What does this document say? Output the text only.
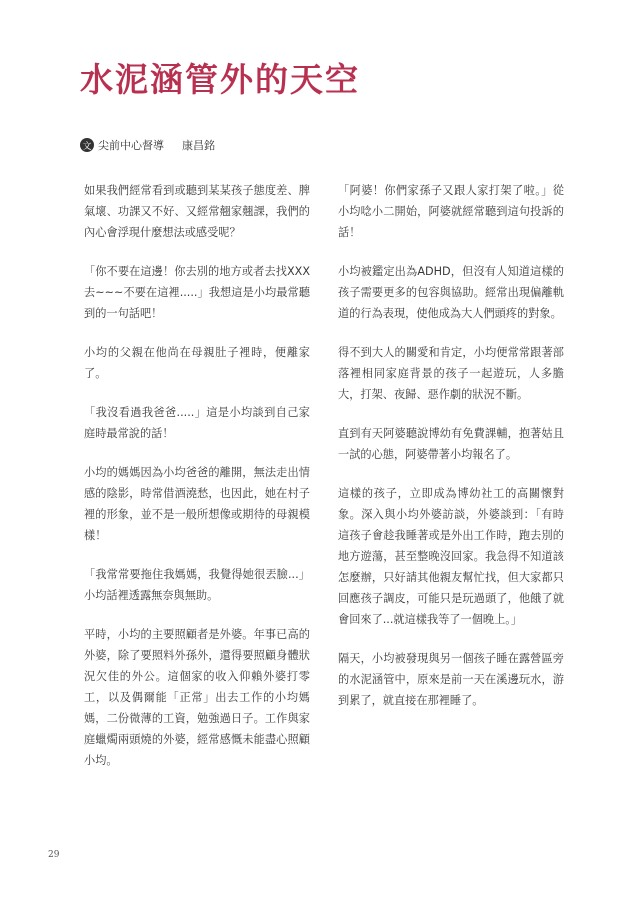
水泥涵管外的天空
文 尖前中心督導 康昌銘

如果我們經常看到或聽到某某孩子態度差、脾氣壞、功課又不好、又經常翹家翹課，我們的內心會浮現什麼想法或感受呢？

「你不要在這邊！你去別的地方或者去找XXX去~~~不要在這裡.....」我想這是小均最常聽到的一句話吧！

小均的父親在他尚在母親肚子裡時，便離家了。

「我沒看過我爸爸.....」這是小均談到自己家庭時最常說的話！

小均的媽媽因為小均爸爸的離開，無法走出情感的陰影，時常借酒澆愁，也因此，她在村子裡的形象，並不是一般所想像或期待的母親模樣！

「我常常要拖住我媽媽，我覺得她很丟臉...」小均話裡透露無奈與無助。

平時，小均的主要照顧者是外婆。年事已高的外婆，除了要照料外孫外，還得要照顧身體狀況欠佳的外公。這個家的收入仰賴外婆打零工，以及偶爾能「正常」出去工作的小均媽媽，二份微薄的工資，勉強過日子。工作與家庭蠟燭兩頭燒的外婆，經常感慨未能盡心照顧小均。

「阿婆！你們家孫子又跟人家打架了啦。」從小均唸小二開始，阿婆就經常聽到這句投訴的話！

小均被鑑定出為ADHD，但沒有人知道這樣的孩子需要更多的包容與協助。經常出現偏離軌道的行為表現，使他成為大人們頭疼的對象。

得不到大人的關愛和肯定，小均便常常跟著部落裡相同家庭背景的孩子一起遊玩，人多膽大，打架、夜歸、惡作劇的狀況不斷。

直到有天阿婆聽說博幼有免費課輔，抱著姑且一試的心態，阿婆帶著小均報名了。

這樣的孩子，立即成為博幼社工的高關懷對象。深入與小均外婆訪談，外婆談到：「有時這孩子會趁我睡著或是外出工作時，跑去別的地方遊蕩，甚至整晚沒回家。我急得不知道該怎麼辦，只好請其他親友幫忙找，但大家都只回應孩子調皮，可能只是玩過頭了，他餓了就會回來了...就這樣我等了一個晚上。」

隔天，小均被發現與另一個孩子睡在露營區旁的水泥涵管中，原來是前一天在溪邊玩水，游到累了，就直接在那裡睡了。

29
